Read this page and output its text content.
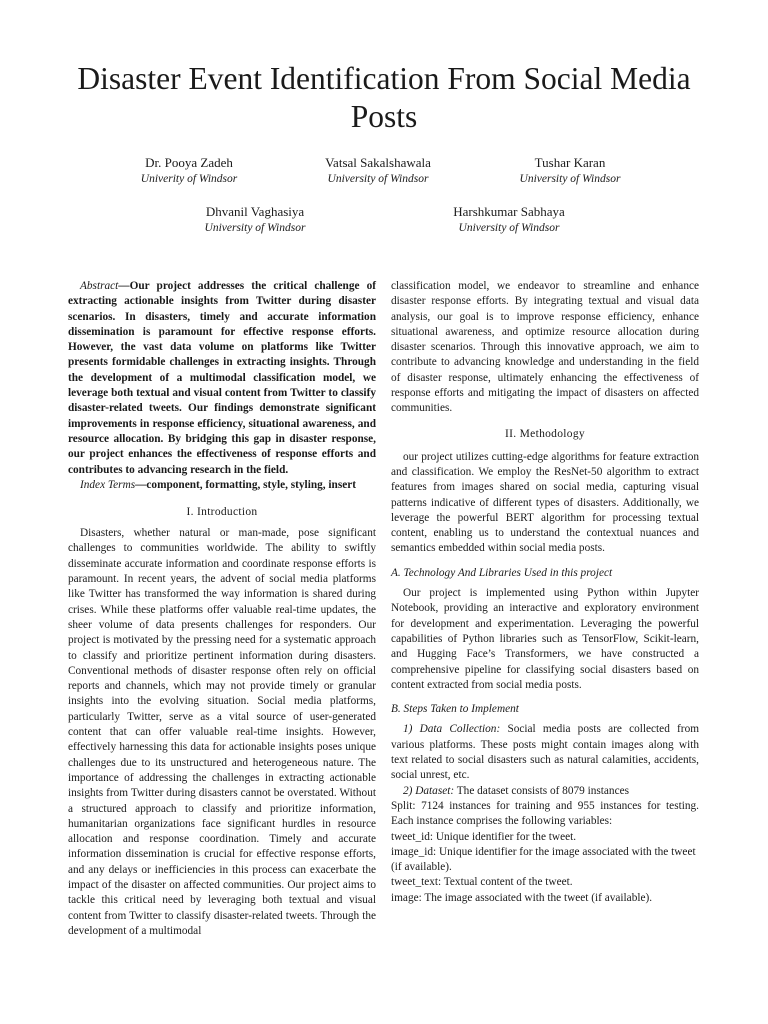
Disaster Event Identification From Social Media Posts
Dr. Pooya Zadeh
Univerity of Windsor
Vatsal Sakalshawala
University of Windsor
Tushar Karan
University of Windsor
Dhvanil Vaghasiya
University of Windsor
Harshkumar Sabhaya
University of Windsor

Abstract—Our project addresses the critical challenge of extracting actionable insights from Twitter during disaster scenarios. In disasters, timely and accurate information dissemination is paramount for effective response efforts. However, the vast data volume on platforms like Twitter presents formidable challenges in extracting insights. Through the development of a multimodal classification model, we leverage both textual and visual content from Twitter to classify disaster-related tweets. Our findings demonstrate significant improvements in response efficiency, situational awareness, and resource allocation. By bridging this gap in disaster response, our project enhances the effectiveness of response efforts and contributes to advancing research in the field.

Index Terms—component, formatting, style, styling, insert

I. Introduction

Disasters, whether natural or man-made, pose significant challenges to communities worldwide. The ability to swiftly disseminate accurate information and coordinate response efforts is paramount. In recent years, the advent of social media platforms like Twitter has transformed the way information is shared during crises. While these platforms offer valuable real-time updates, the sheer volume of data presents challenges for responders. Our project is motivated by the pressing need for a systematic approach to classify and prioritize pertinent information during disasters. Conventional methods of disaster response often rely on official reports and channels, which may not provide timely or granular insights into the evolving situation. Social media platforms, particularly Twitter, serve as a vital source of user-generated content that can offer valuable real-time insights. However, effectively harnessing this data for actionable insights poses unique challenges due to its unstructured and heterogeneous nature. The importance of addressing the challenges in extracting actionable insights from Twitter during disasters cannot be overstated. Without a structured approach to classify and prioritize information, humanitarian organizations face significant hurdles in resource allocation and response coordination. Timely and accurate information dissemination is crucial for effective response efforts, and any delays or inefficiencies in this process can exacerbate the impact of the disaster on affected communities. Our project aims to tackle this critical need by leveraging both textual and visual content from Twitter to classify disaster-related tweets. Through the development of a multimodal

classification model, we endeavor to streamline and enhance disaster response efforts. By integrating textual and visual data analysis, our goal is to improve response efficiency, enhance situational awareness, and optimize resource allocation during disaster scenarios. Through this innovative approach, we aim to contribute to advancing knowledge and understanding in the field of disaster response, ultimately enhancing the effectiveness of response efforts and mitigating the impact of disasters on affected communities.

II. Methodology

our project utilizes cutting-edge algorithms for feature extraction and classification. We employ the ResNet-50 algorithm to extract features from images shared on social media, capturing visual patterns indicative of different types of disasters. Additionally, we leverage the powerful BERT algorithm for processing textual content, enabling us to understand the contextual nuances and semantics embedded within social media posts.

A. Technology And Libraries Used in this project

Our project is implemented using Python within Jupyter Notebook, providing an interactive and exploratory environment for development and experimentation. Leveraging the powerful capabilities of Python libraries such as TensorFlow, Scikit-learn, and Hugging Face’s Transformers, we have constructed a comprehensive pipeline for classifying social disasters based on content extracted from social media posts.

B. Steps Taken to Implement

1) Data Collection: Social media posts are collected from various platforms. These posts might contain images along with text related to social disasters such as natural calamities, accidents, social unrest, etc.

2) Dataset: The dataset consists of 8079 instances

Split: 7124 instances for training and 955 instances for testing. Each instance comprises the following variables:

tweet_id: Unique identifier for the tweet.
image_id: Unique identifier for the image associated with the tweet (if available).
tweet_text: Textual content of the tweet.
image: The image associated with the tweet (if available).
